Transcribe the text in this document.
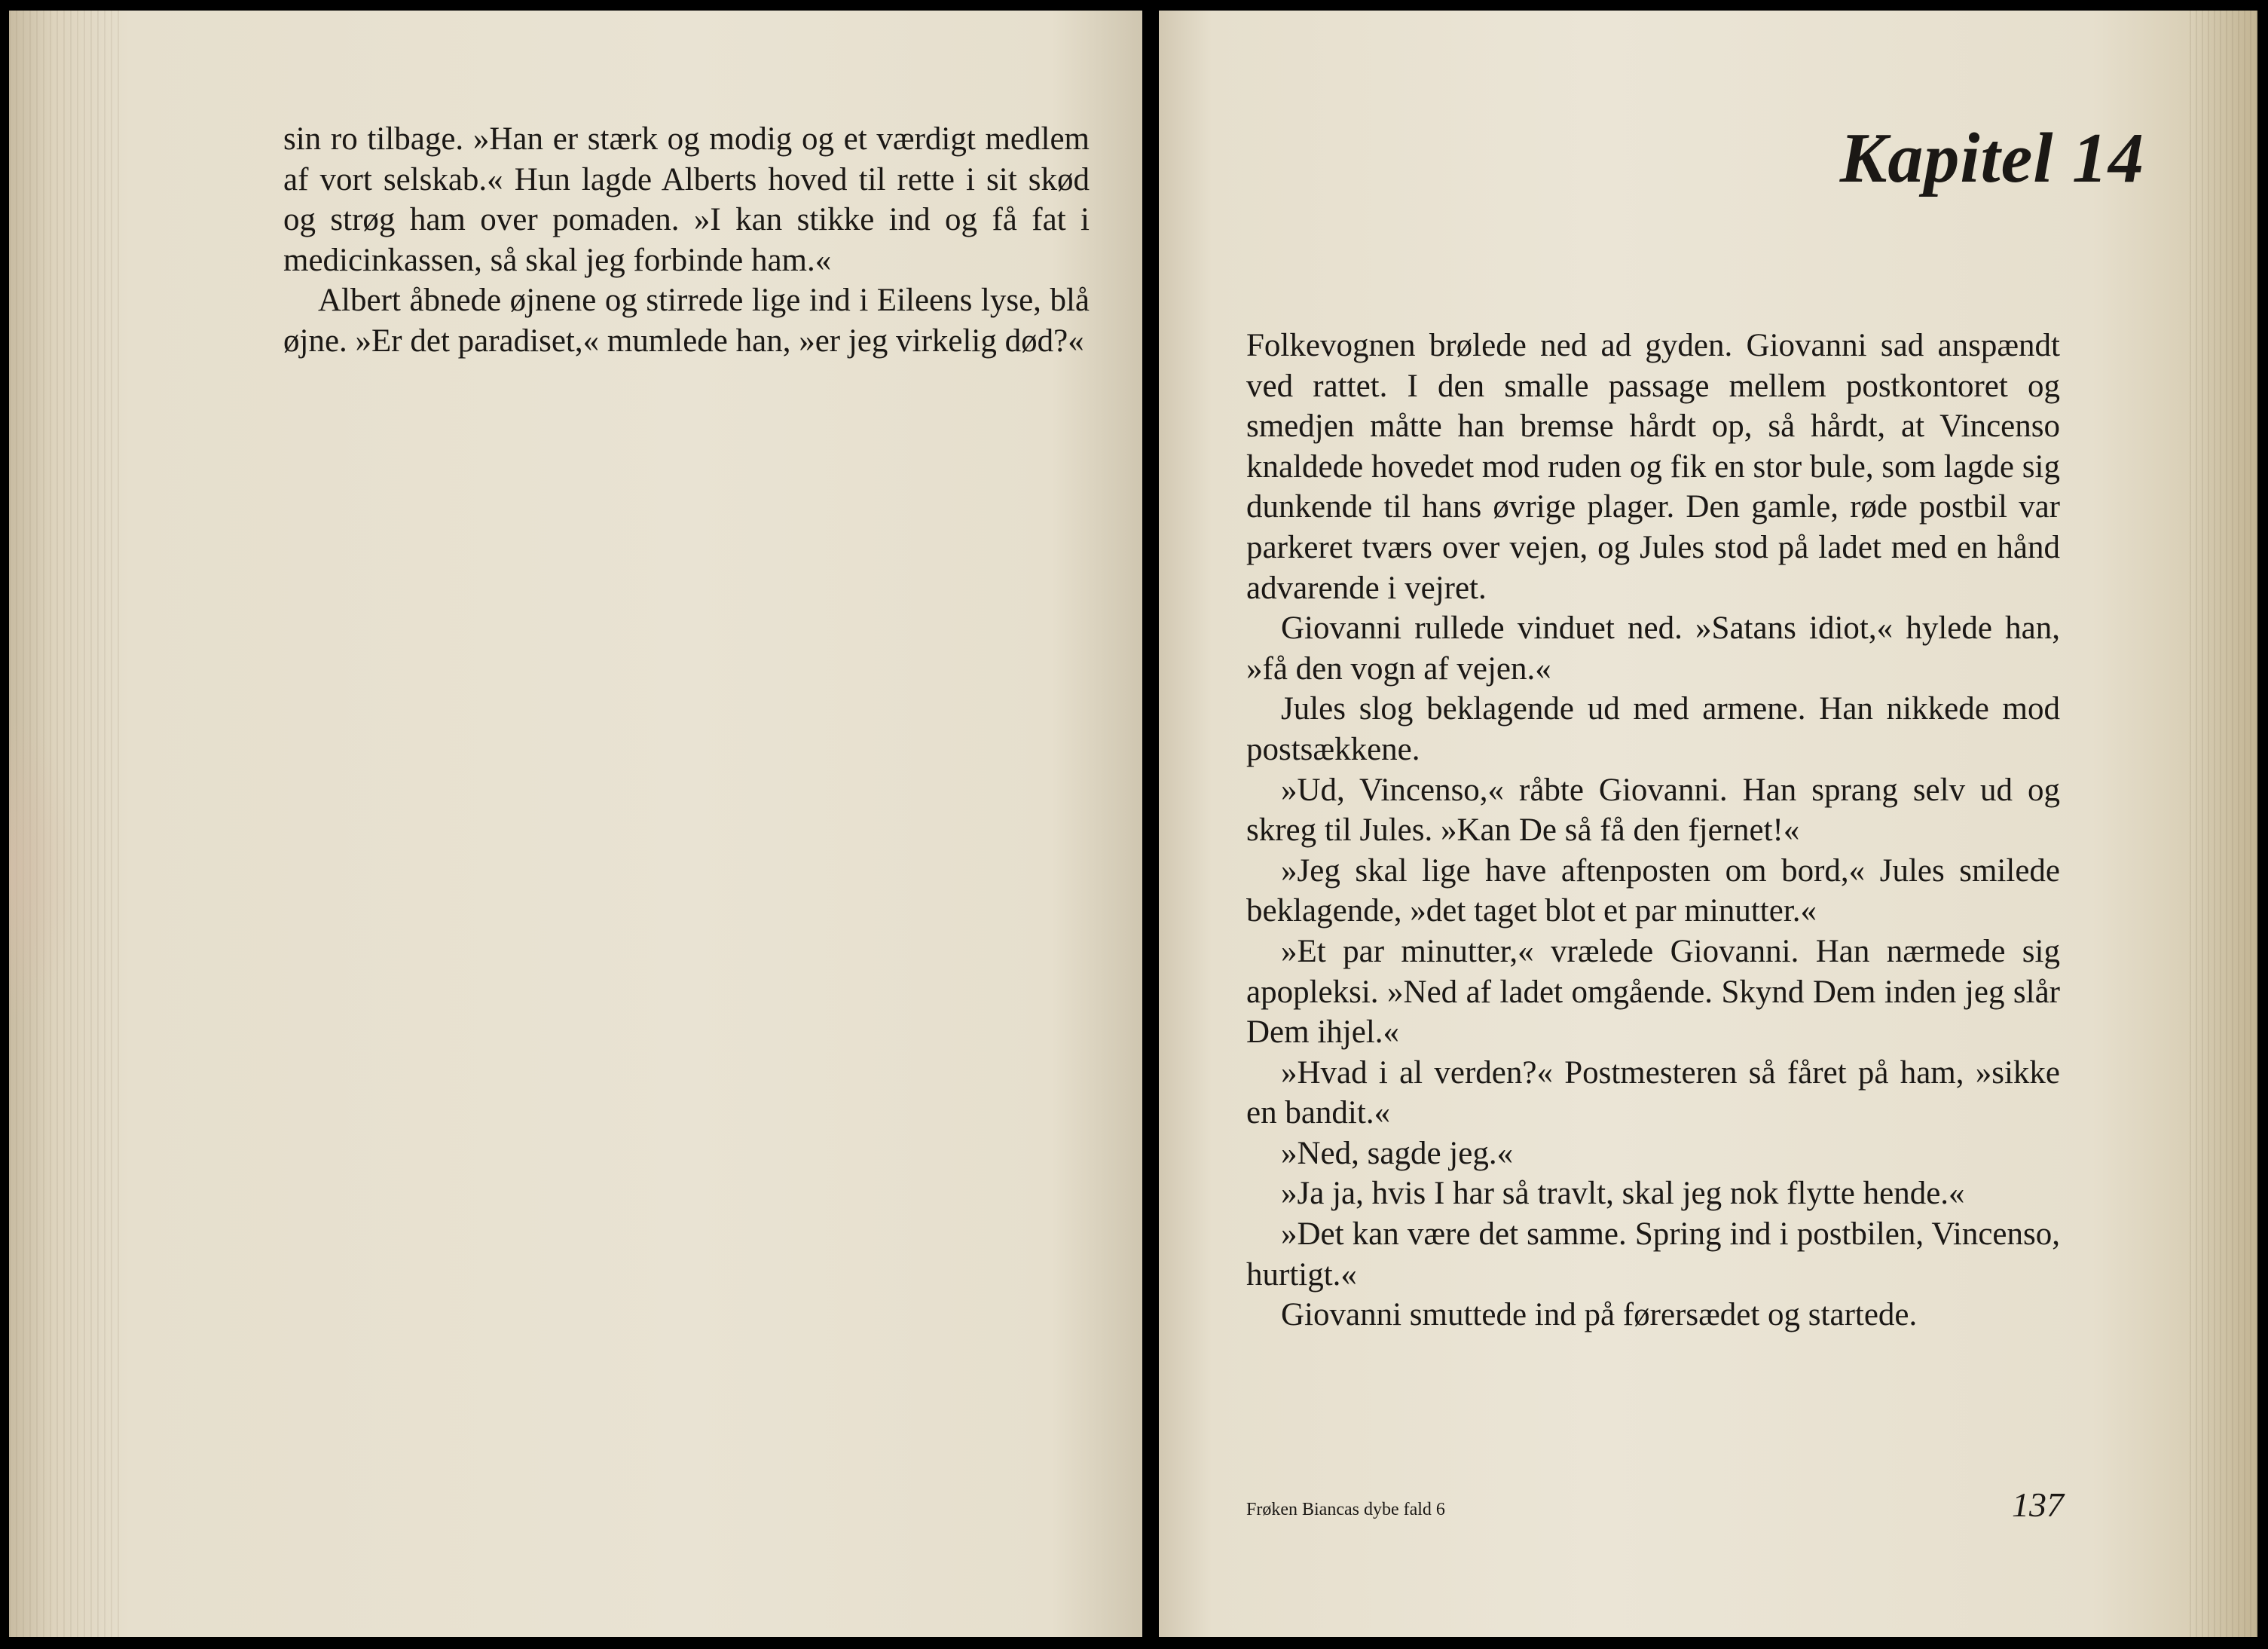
sin ro tilbage. »Han er stærk og modig og et værdigt medlem af vort selskab.« Hun lagde Alberts hoved til rette i sit skød og strøg ham over pomaden. »I kan stikke ind og få fat i medicinkassen, så skal jeg forbinde ham.«

Albert åbnede øjnene og stirrede lige ind i Eileens lyse, blå øjne. »Er det paradiset,« mumlede han, »er jeg virkelig død?«

Kapitel 14

Folkevognen brølede ned ad gyden. Giovanni sad anspændt ved rattet. I den smalle passage mellem postkontoret og smedjen måtte han bremse hårdt op, så hårdt, at Vincenso knaldede hovedet mod ruden og fik en stor bule, som lagde sig dunkende til hans øvrige plager. Den gamle, røde postbil var parkeret tværs over vejen, og Jules stod på ladet med en hånd advarende i vejret.

Giovanni rullede vinduet ned. »Satans idiot,« hylede han, »få den vogn af vejen.«

Jules slog beklagende ud med armene. Han nikkede mod postsækkene.

»Ud, Vincenso,« råbte Giovanni. Han sprang selv ud og skreg til Jules. »Kan De så få den fjernet!«

»Jeg skal lige have aftenposten om bord,« Jules smilede beklagende, »det taget blot et par minutter.«

»Et par minutter,« vrælede Giovanni. Han nærmede sig apopleksi. »Ned af ladet omgående. Skynd Dem inden jeg slår Dem ihjel.«

»Hvad i al verden?« Postmesteren så fåret på ham, »sikke en bandit.«

»Ned, sagde jeg.«

»Ja ja, hvis I har så travlt, skal jeg nok flytte hende.«

»Det kan være det samme. Spring ind i postbilen, Vincenso, hurtigt.«

Giovanni smuttede ind på førersædet og startede.

Frøken Biancas dybe fald 6	137
